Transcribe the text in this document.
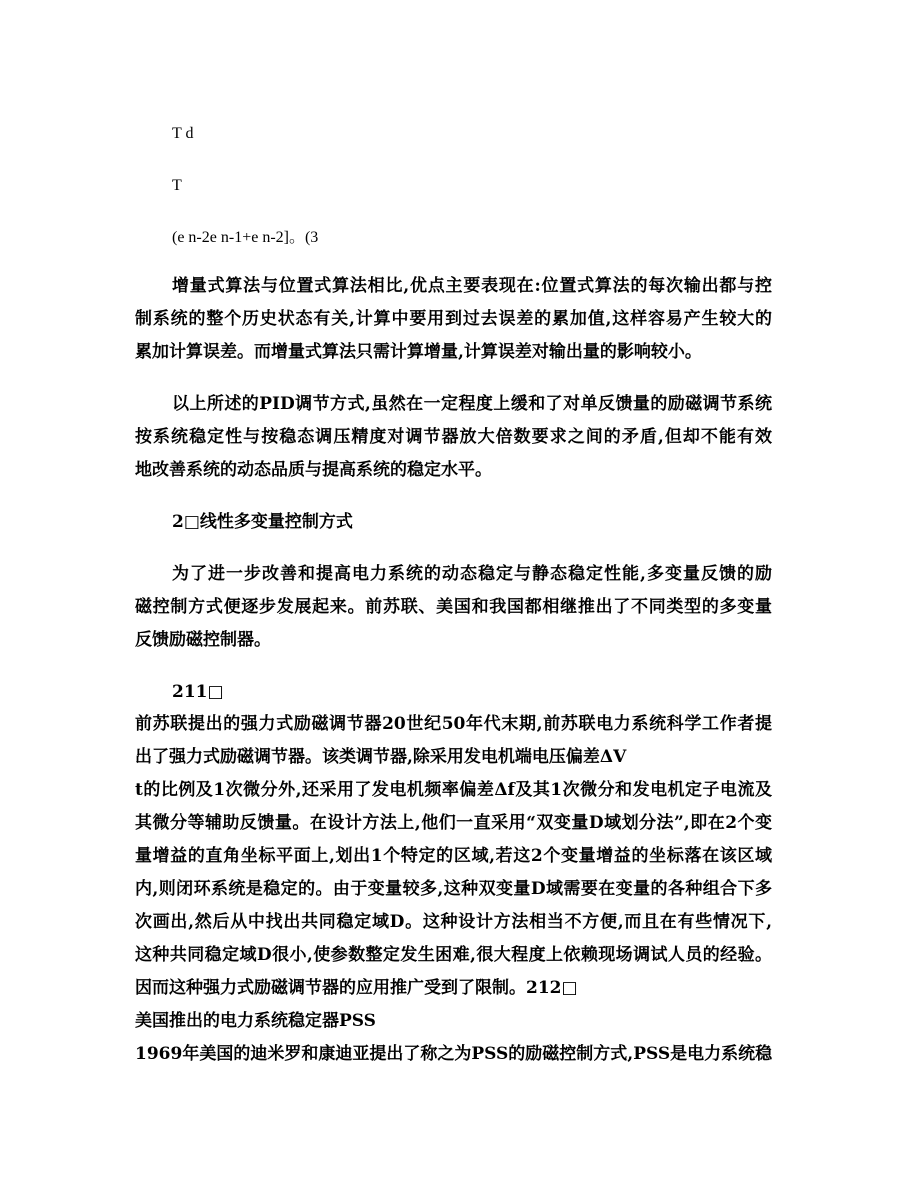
T d
T
(e n-2e n-1+e n-2]。(3
增量式算法与位置式算法相比,优点主要表现在:位置式算法的每次输出都与控
制系统的整个历史状态有关,计算中要用到过去误差的累加值,这样容易产生较大的
累加计算误差。而增量式算法只需计算增量,计算误差对输出量的影响较小。
以上所述的PID调节方式,虽然在一定程度上缓和了对单反馈量的励磁调节系统
按系统稳定性与按稳态调压精度对调节器放大倍数要求之间的矛盾,但却不能有效
地改善系统的动态品质与提高系统的稳定水平。
2□线性多变量控制方式
为了进一步改善和提高电力系统的动态稳定与静态稳定性能,多变量反馈的励
磁控制方式便逐步发展起来。前苏联、美国和我国都相继推出了不同类型的多变量
反馈励磁控制器。
211□
前苏联提出的强力式励磁调节器20世纪50年代末期,前苏联电力系统科学工作者提
出了强力式励磁调节器。该类调节器,除采用发电机端电压偏差ΔV
t的比例及1次微分外,还采用了发电机频率偏差Δf及其1次微分和发电机定子电流及
其微分等辅助反馈量。在设计方法上,他们一直采用“双变量D域划分法”,即在2个变
量增益的直角坐标平面上,划出1个特定的区域,若这2个变量增益的坐标落在该区域
内,则闭环系统是稳定的。由于变量较多,这种双变量D域需要在变量的各种组合下多
次画出,然后从中找出共同稳定域D。这种设计方法相当不方便,而且在有些情况下,
这种共同稳定域D很小,使参数整定发生困难,很大程度上依赖现场调试人员的经验。
因而这种强力式励磁调节器的应用推广受到了限制。212□
美国推出的电力系统稳定器PSS
1969年美国的迪米罗和康迪亚提出了称之为PSS的励磁控制方式,PSS是电力系统稳
